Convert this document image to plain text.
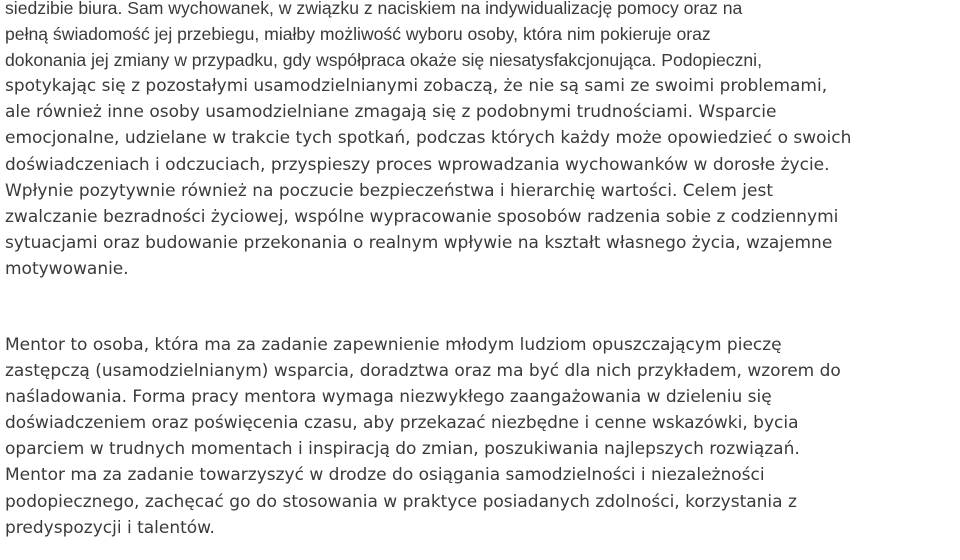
siedzibie biura. Sam wychowanek, w związku z naciskiem na indywidualizację pomocy oraz na
pełną świadomość jej przebiegu, miałby możliwość wyboru osoby, która nim pokieruje oraz
dokonania jej zmiany w przypadku, gdy współpraca okaże się niesatysfakcjonująca. Podopieczni,
spotykając się z pozostałymi usamodzielnianymi zobaczą, że nie są sami ze swoimi problemami,
ale również inne osoby usamodzielniane zmagają się z podobnymi trudnościami. Wsparcie
emocjonalne, udzielane w trakcie tych spotkań, podczas których każdy może opowiedzieć o swoich
doświadczeniach i odczuciach, przyspieszy proces wprowadzania wychowanków w dorosłe życie.
Wpłynie pozytywnie również na poczucie bezpieczeństwa i hierarchię wartości. Celem jest
zwalczanie bezradności życiowej, wspólne wypracowanie sposobów radzenia sobie z codziennymi
sytuacjami oraz budowanie przekonania o realnym wpływie na kształt własnego życia, wzajemne
motywowanie.
Mentor to osoba, która ma za zadanie zapewnienie młodym ludziom opuszczającym pieczę
zastępczą (usamodzielnianym) wsparcia, doradztwa oraz ma być dla nich przykładem, wzorem do
naśladowania. Forma pracy mentora wymaga niezwykłego zaangażowania w dzieleniu się
doświadczeniem oraz poświęcenia czasu, aby przekazać niezbędne i cenne wskazówki, bycia
oparciem w trudnych momentach i inspiracją do zmian, poszukiwania najlepszych rozwiązań.
Mentor ma za zadanie towarzyszyć w drodze do osiągania samodzielności i niezależności
podopiecznego, zachęcać go do stosowania w praktyce posiadanych zdolności, korzystania z
predyspozycji i talentów.
